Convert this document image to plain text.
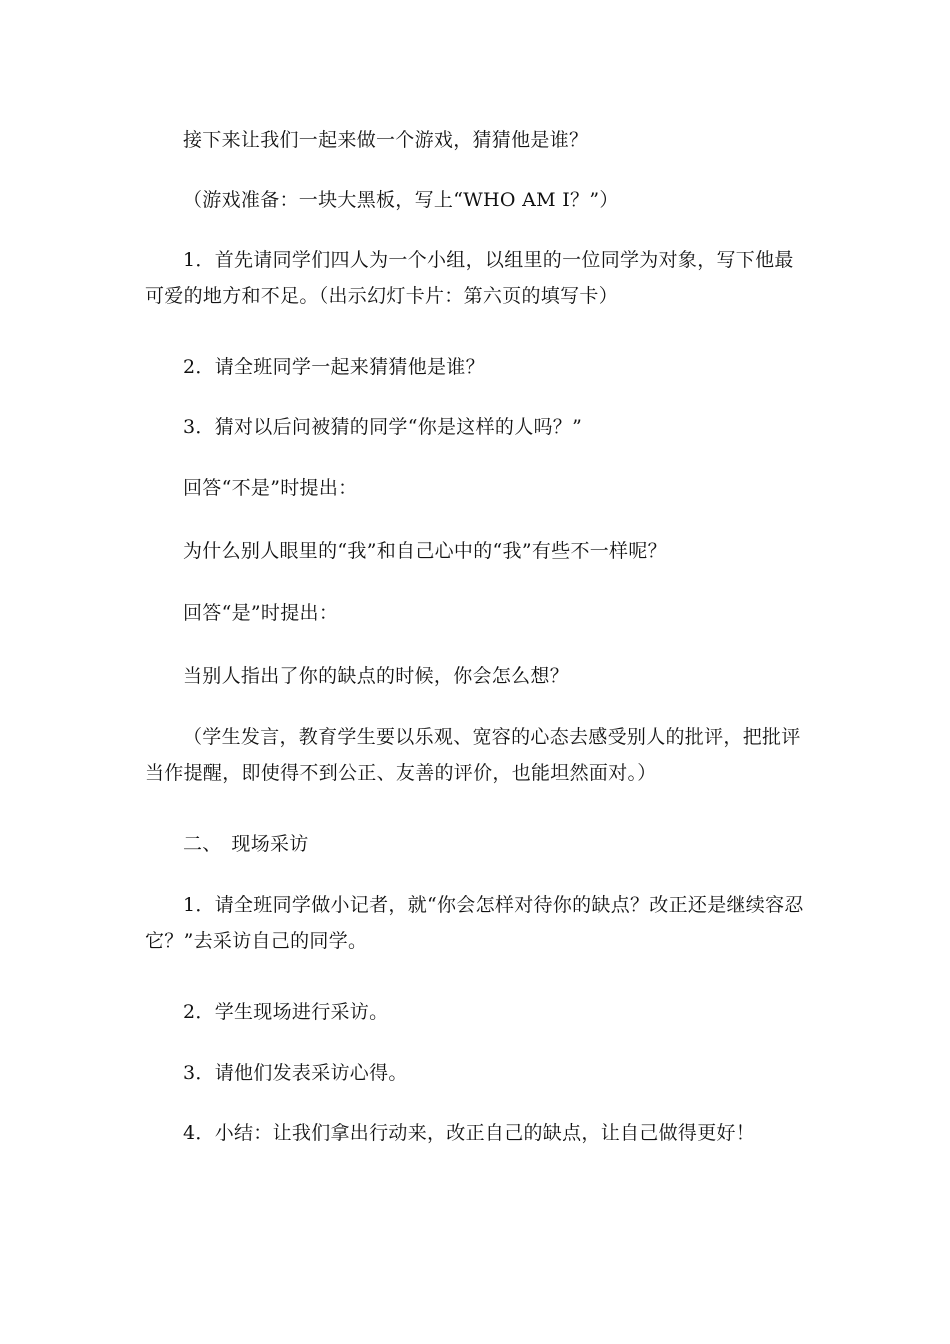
接下来让我们一起来做一个游戏，猜猜他是谁？

（游戏准备：一块大黑板，写上“WHO AM I？”）

1．首先请同学们四人为一个小组，以组里的一位同学为对象，写下他最可爱的地方和不足。（出示幻灯卡片：第六页的填写卡）

2．请全班同学一起来猜猜他是谁？

3．猜对以后问被猜的同学“你是这样的人吗？”

回答“不是”时提出：

为什么别人眼里的“我”和自己心中的“我”有些不一样呢？

回答“是”时提出：

当别人指出了你的缺点的时候，你会怎么想？

（学生发言，教育学生要以乐观、宽容的心态去感受别人的批评，把批评当作提醒，即使得不到公正、友善的评价，也能坦然面对。）

二、　现场采访

1．请全班同学做小记者，就“你会怎样对待你的缺点？改正还是继续容忍它？”去采访自己的同学。

2．学生现场进行采访。

3．请他们发表采访心得。

4．小结：让我们拿出行动来，改正自己的缺点，让自己做得更好！
